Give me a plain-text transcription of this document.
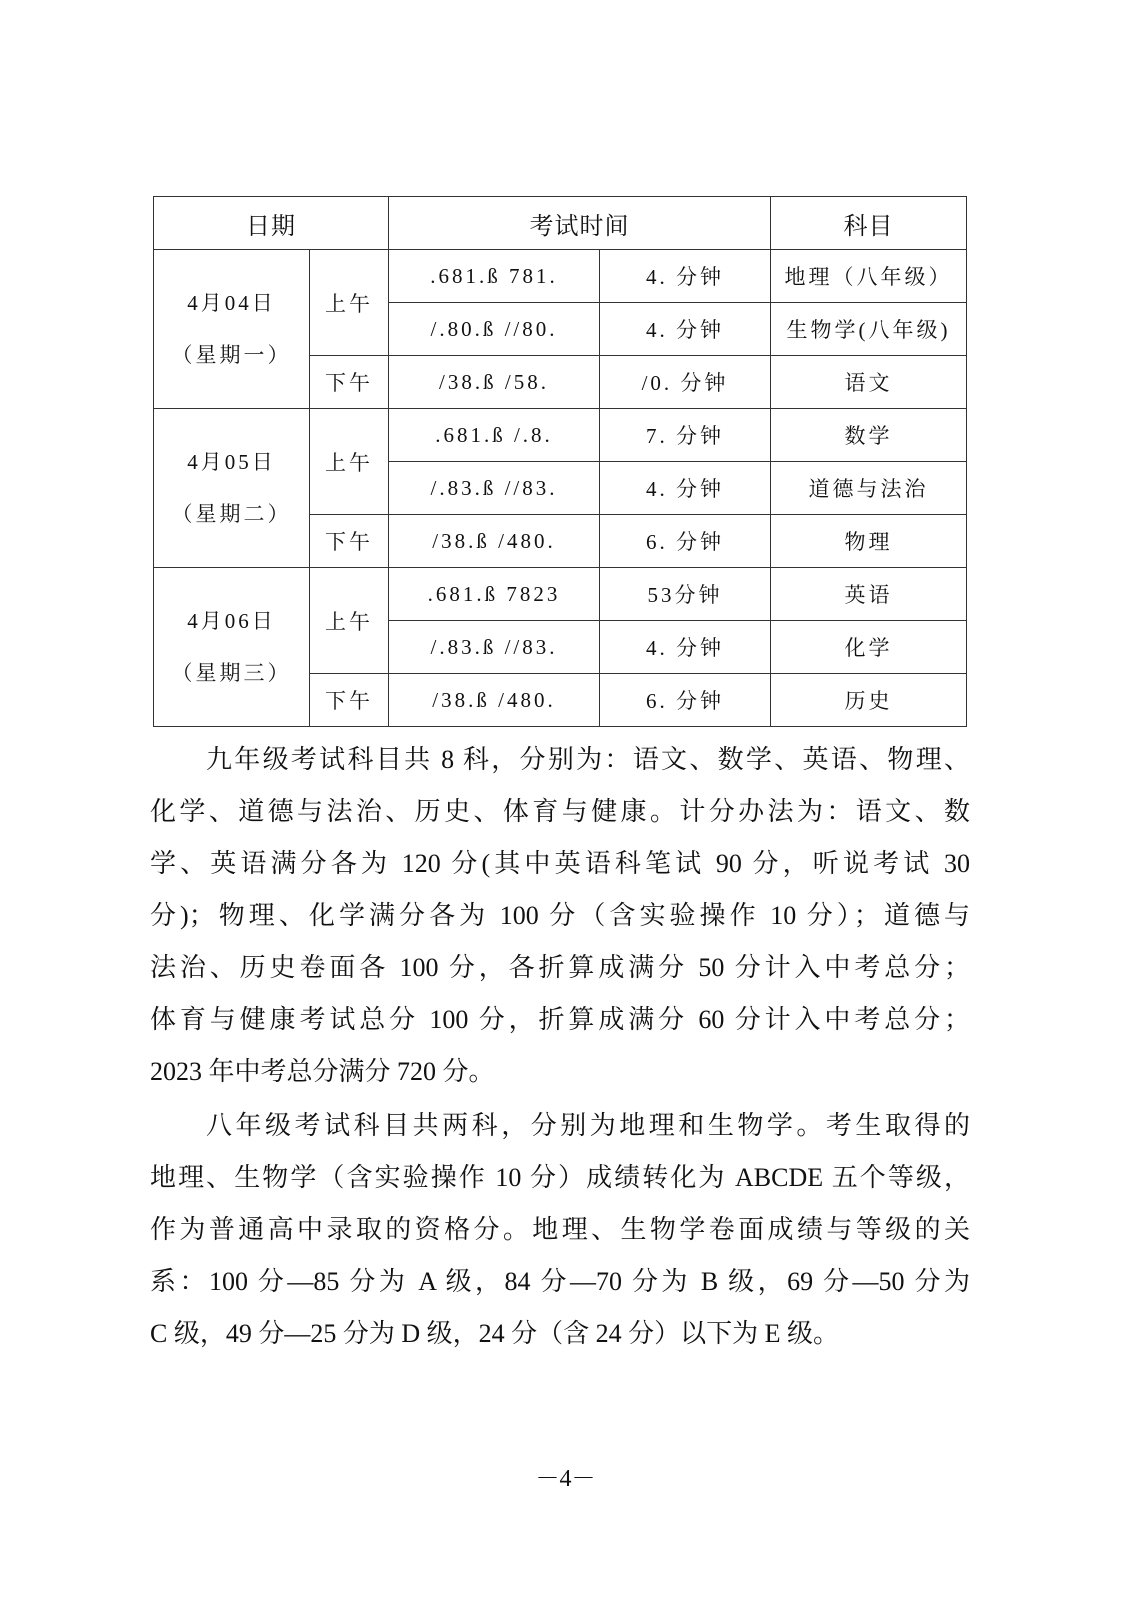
日期		考试时间		科目

4月04日
（星期一）	上午	.681.ß 781.	4. 分钟	地理（八年级）
		/.80.ß //80.	4. 分钟	生物学(八年级)
	下午	/38.ß /58.	/0. 分钟	语文

4月05日
（星期二）	上午	.681.ß /.8.	7. 分钟	数学
		/.83.ß //83.	4. 分钟	道德与法治
	下午	/38.ß /480.	6. 分钟	物理

4月06日
（星期三）	上午	.681.ß 7823	53分钟	英语
		/.83.ß //83.	4. 分钟	化学
	下午	/38.ß /480.	6. 分钟	历史
九年级考试科目共 8 科，分别为：语文、数学、英语、物理、
化学、道德与法治、历史、体育与健康。计分办法为：语文、数
学、英语满分各为 120 分(其中英语科笔试 90 分，听说考试 30
分)；物理、化学满分各为 100 分（含实验操作 10 分）；道德与
法治、历史卷面各 100 分，各折算成满分 50 分计入中考总分；
体育与健康考试总分 100 分，折算成满分 60 分计入中考总分；
2023 年中考总分满分 720 分。
八年级考试科目共两科，分别为地理和生物学。考生取得的
地理、生物学（含实验操作 10 分）成绩转化为 ABCDE 五个等级，
作为普通高中录取的资格分。地理、生物学卷面成绩与等级的关
系：100 分—85 分为 A 级，84 分—70 分为 B 级，69 分—50 分为
C 级，49 分—25 分为 D 级，24 分（含 24 分）以下为 E 级。
－4－
